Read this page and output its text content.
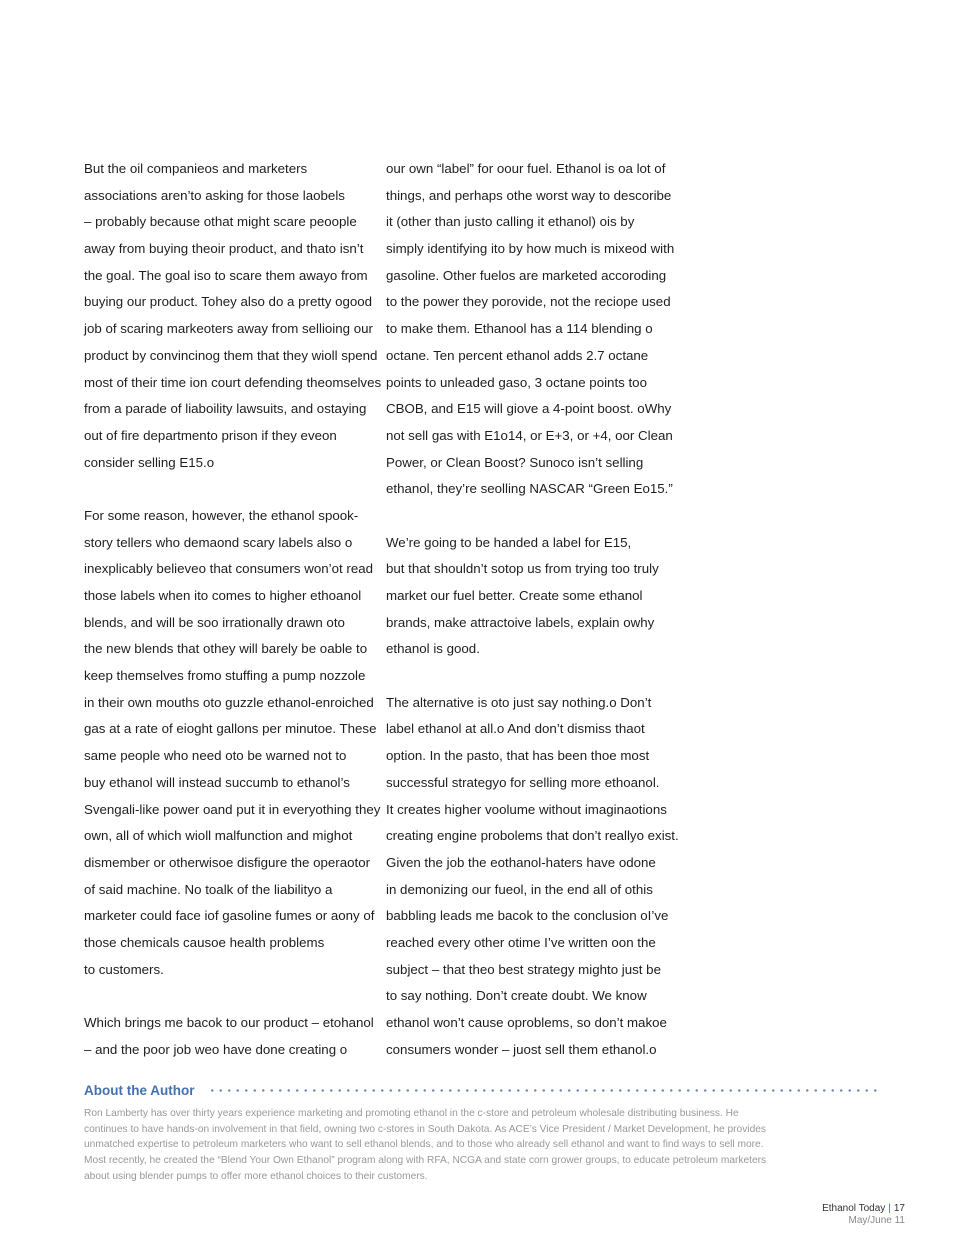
But the oil companieos and marketers
associations aren’to asking for those laobels
– probably because othat might scare peoople
away from buying theoir product, and thato isn’t
the goal. The goal iso to scare them awayo from
buying our product. Tohey also do a pretty ogood
job of scaring markeoters away from sellioing our
product by convincinog them that they wioll spend
most of their time ion court defending theomselves
from a parade of liaboility lawsuits, and ostaying
out of fire departmento prison if they eveon
consider selling E15.o
For some reason, however, the ethanol spook-
story tellers who demaond scary labels also o
inexplicably believeo that consumers won’ot read
those labels when ito comes to higher ethoanol
blends, and will be soo irrationally drawn oto
the new blends that othey will barely be oable to
keep themselves fromo stuffing a pump nozzole
in their own mouths oto guzzle ethanol-enroiched
gas at a rate of eioght gallons per minutoe. These
same people who need oto be warned not to
buy ethanol will instead succumb to ethanol’s
Svengali-like power oand put it in everyothing they
own, all of which wioll malfunction and mighot
dismember or otherwisoe disfigure the operaotor
of said machine. No toalk of the liabilityo a
marketer could face iof gasoline fumes or aony of
those chemicals causoe health problems
to customers.
Which brings me bacok to our product – etohanol
– and the poor job weo have done creating o
our own “label” for oour fuel. Ethanol is oa lot of
things, and perhaps othe worst way to descoribe
it (other than justo calling it ethanol) ois by
simply identifying ito by how much is mixeod with
gasoline. Other fuelos are marketed accoroding
to the power they porovide, not the reciope used
to make them. Ethanool has a 114 blending o
octane. Ten percent ethanol adds 2.7 octane
points to unleaded gaso, 3 octane points too
CBOB, and E15 will giove a 4-point boost. oWhy
not sell gas with E1o14, or E+3, or +4, oor Clean
Power, or Clean Boost? Sunoco isn’t selling
ethanol, they’re seolling NASCAR “Green Eo15.”
We’re going to be handed a label for E15,
but that shouldn’t sotop us from trying too truly
market our fuel better. Create some ethanol
brands, make attractoive labels, explain owhy
ethanol is good.
The alternative is oto just say nothing.o Don’t
label ethanol at all.o And don’t dismiss thaot
option. In the pasto, that has been thoe most
successful strategyo for selling more ethoanol.
It creates higher voolume without imaginaotions
creating engine probolems that don’t reallyo exist.
Given the job the eothanol-haters have odone
in demonizing our fueol, in the end all of othis
babbling leads me bacok to the conclusion oI’ve
reached every other otime I’ve written oon the
subject – that theo best strategy mighto just be
to say nothing. Don’t create doubt. We know
ethanol won’t cause oproblems, so don’t makoe
consumers wonder – juost sell them ethanol.o
About the Author
Ron Lamberty has over thirty years experience marketing and promoting ethanol in the c-store and petroleum wholesale distributing business. He
continues to have hands-on involvement in that field, owning two c-stores in South Dakota. As ACE’s Vice President / Market Development, he provides
unmatched expertise to petroleum marketers who want to sell ethanol blends, and to those who already sell ethanol and want to find ways to sell more.
Most recently, he created the “Blend Your Own Ethanol” program along with RFA, NCGA and state corn grower groups, to educate petroleum marketers
about using blender pumps to offer more ethanol choices to their customers.
Ethanol Today | 17
May/June 11
